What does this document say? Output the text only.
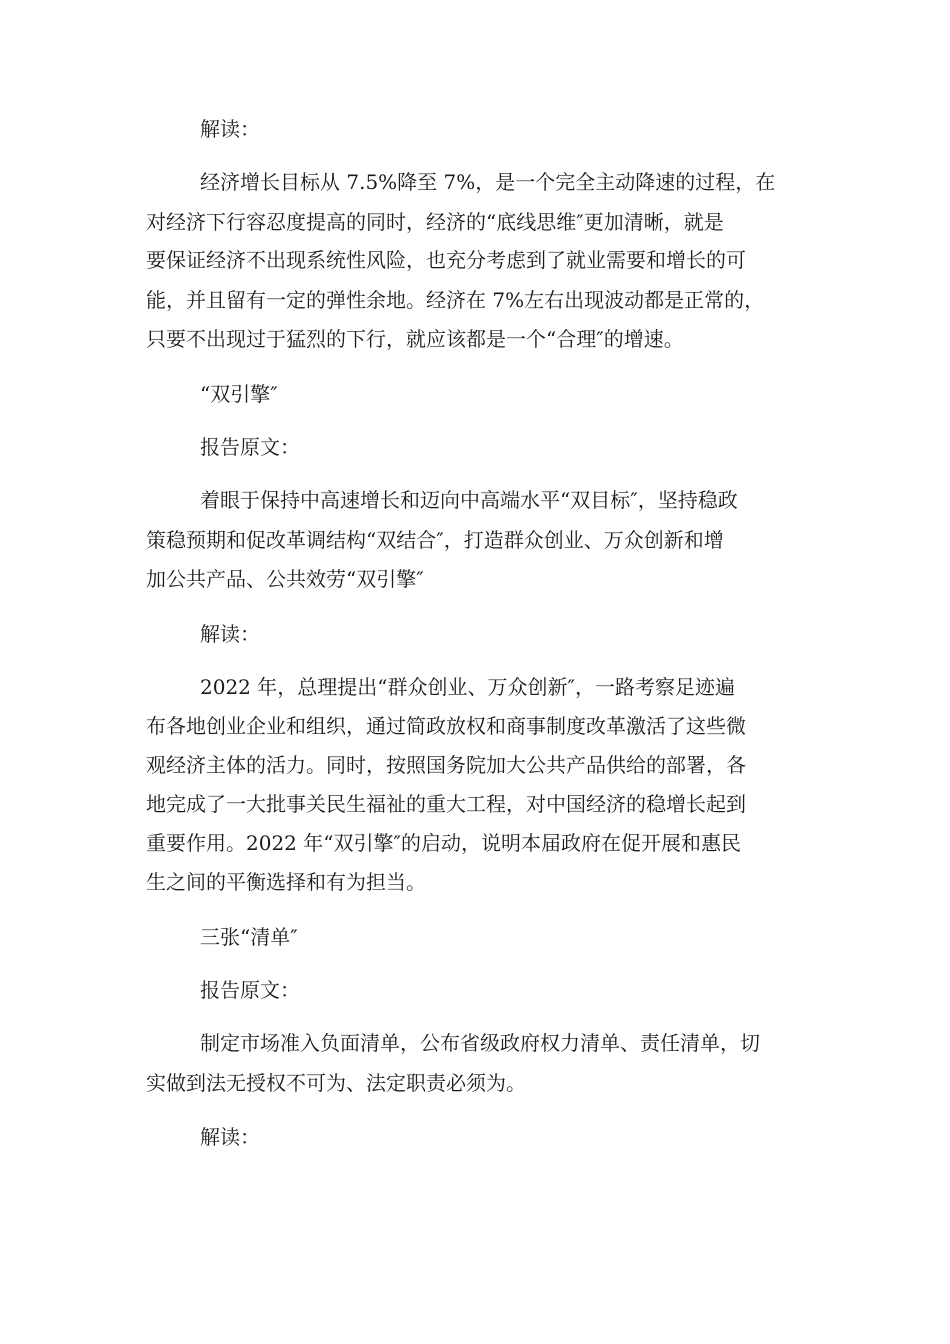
解读：

经济增长目标从 7.5%降至 7%，是一个完全主动降速的过程，在

对经济下行容忍度提高的同时，经济的“底线思维″更加清晰，就是

要保证经济不出现系统性风险，也充分考虑到了就业需要和增长的可

能，并且留有一定的弹性余地。经济在 7%左右出现波动都是正常的，

只要不出现过于猛烈的下行，就应该都是一个“合理″的增速。

“双引擎″

报告原文：

着眼于保持中高速增长和迈向中高端水平“双目标″，坚持稳政

策稳预期和促改革调结构“双结合″，打造群众创业、万众创新和增

加公共产品、公共效劳“双引擎″

解读：

2022 年，总理提出“群众创业、万众创新″，一路考察足迹遍

布各地创业企业和组织，通过简政放权和商事制度改革激活了这些微

观经济主体的活力。同时，按照国务院加大公共产品供给的部署，各

地完成了一大批事关民生福祉的重大工程，对中国经济的稳增长起到

重要作用。2022 年“双引擎″的启动，说明本届政府在促开展和惠民

生之间的平衡选择和有为担当。

三张“清单″

报告原文：

制定市场准入负面清单，公布省级政府权力清单、责任清单，切

实做到法无授权不可为、法定职责必须为。

解读：
